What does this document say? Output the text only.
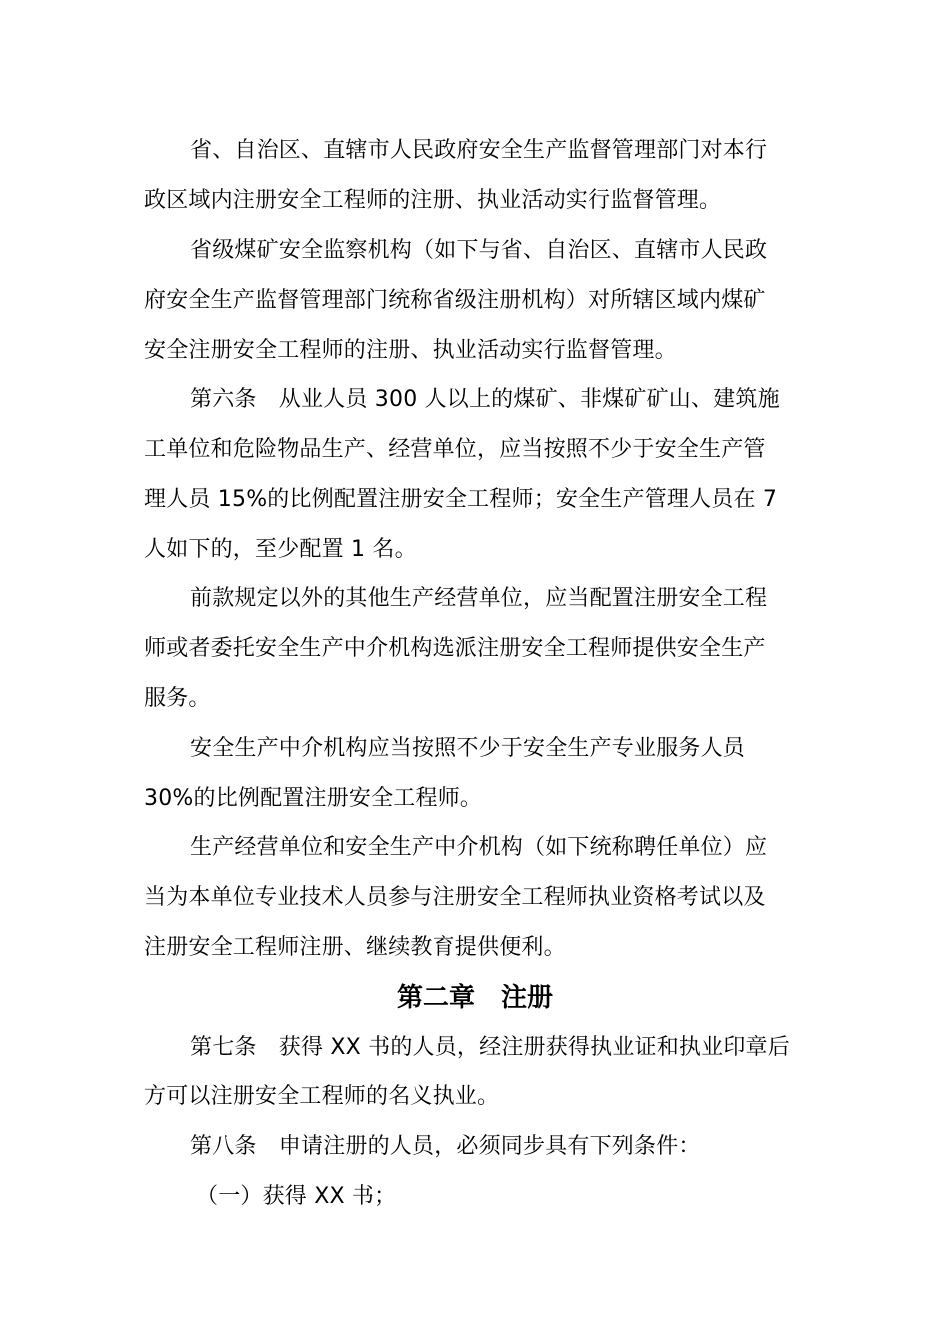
省、自治区、直辖市人民政府安全生产监督管理部门对本行
政区域内注册安全工程师的注册、执业活动实行监督管理。
省级煤矿安全监察机构（如下与省、自治区、直辖市人民政
府安全生产监督管理部门统称省级注册机构）对所辖区域内煤矿
安全注册安全工程师的注册、执业活动实行监督管理。
第六条　从业人员 300 人以上的煤矿、非煤矿矿山、建筑施
工单位和危险物品生产、经营单位，应当按照不少于安全生产管
理人员 15%的比例配置注册安全工程师；安全生产管理人员在 7
人如下的，至少配置 1 名。
前款规定以外的其他生产经营单位，应当配置注册安全工程
师或者委托安全生产中介机构选派注册安全工程师提供安全生产
服务。
安全生产中介机构应当按照不少于安全生产专业服务人员
30%的比例配置注册安全工程师。
生产经营单位和安全生产中介机构（如下统称聘任单位）应
当为本单位专业技术人员参与注册安全工程师执业资格考试以及
注册安全工程师注册、继续教育提供便利。
第二章　注册
第七条　获得 XX 书的人员，经注册获得执业证和执业印章后
方可以注册安全工程师的名义执业。
第八条　申请注册的人员，必须同步具有下列条件：
（一）获得 XX 书；
